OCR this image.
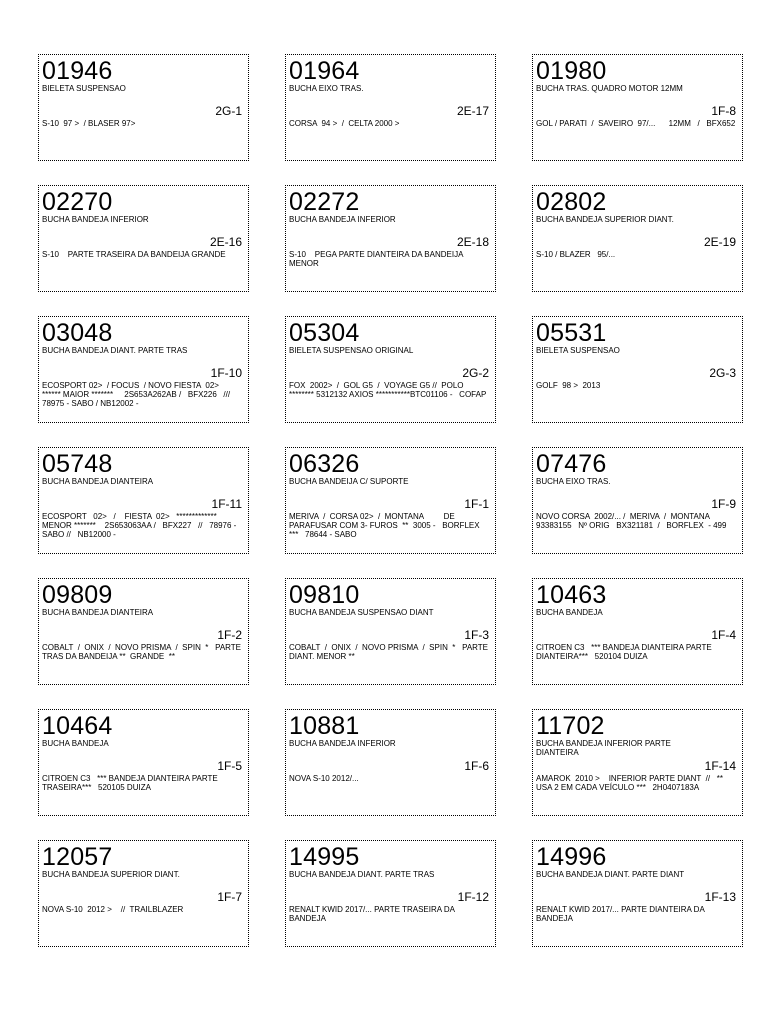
01946
BIELETA SUSPENSAO
2G-1
S-10  97 >  / BLASER 97>
01964
BUCHA EIXO TRAS.
2E-17
CORSA  94 >  /  CELTA 2000 >
01980
BUCHA TRAS. QUADRO MOTOR 12MM
1F-8
GOL / PARATI  /  SAVEIRO  97/...      12MM   /   BFX652
02270
BUCHA BANDEJA INFERIOR
2E-16
S-10    PARTE TRASEIRA DA BANDEIJA GRANDE
02272
BUCHA BANDEJA INFERIOR
2E-18
S-10    PEGA PARTE DIANTEIRA DA BANDEIJA MENOR
02802
BUCHA BANDEJA SUPERIOR DIANT.
2E-19
S-10 / BLAZER   95/...
03048
BUCHA BANDEJA DIANT. PARTE TRAS
1F-10
ECOSPORT 02>  / FOCUS  / NOVO FIESTA  02>   ****** MAIOR *******     2S653A262AB /   BFX226   ///   78975 - SABO / NB12002 -
05304
BIELETA SUSPENSAO ORIGINAL
2G-2
FOX  2002>  /  GOL G5  /  VOYAGE G5 //  POLO   ******** 5312132 AXIOS ***********BTC01106 -   COFAP
05531
BIELETA SUSPENSAO
2G-3
GOLF  98 >  2013
05748
BUCHA BANDEJA DIANTEIRA
1F-11
ECOSPORT   02>   /    FIESTA  02>   ************* MENOR *******    2S653063AA /   BFX227   //   78976 - SABO //   NB12000 -
06326
BUCHA BANDEIJA C/ SUPORTE
1F-1
MERIVA  /  CORSA 02>  /  MONTANA         DE   PARAFUSAR COM 3- FUROS  **  3005 -   BORFLEX  ***   78644 - SABO
07476
BUCHA EIXO TRAS.
1F-9
NOVO CORSA  2002/... /  MERIVA  /  MONTANA   93383155   Nº ORIG   BX321181  /   BORFLEX  - 499
09809
BUCHA BANDEJA DIANTEIRA
1F-2
COBALT  /  ONIX  /  NOVO PRISMA  /  SPIN  *   PARTE TRAS DA BANDEIJA **  GRANDE  **
09810
BUCHA BANDEJA SUSPENSAO DIANT
1F-3
COBALT  /  ONIX  /  NOVO PRISMA  /  SPIN  *   PARTE DIANT. MENOR **
10463
BUCHA BANDEJA
1F-4
CITROEN C3   *** BANDEJA DIANTEIRA PARTE   DIANTEIRA***   520104 DUIZA
10464
BUCHA BANDEJA
1F-5
CITROEN C3   *** BANDEJA DIANTEIRA PARTE   TRASEIRA***   520105 DUIZA
10881
BUCHA BANDEJA INFERIOR
1F-6
NOVA S-10 2012/...
11702
BUCHA BANDEJA INFERIOR PARTE DIANTEIRA
1F-14
AMAROK  2010 >    INFERIOR PARTE DIANT  //   ** USA 2 EM CADA VEÍCULO ***   2H0407183A
12057
BUCHA BANDEJA SUPERIOR DIANT.
1F-7
NOVA S-10  2012 >    //  TRAILBLAZER
14995
BUCHA BANDEJA DIANT. PARTE TRAS
1F-12
RENALT KWID 2017/... PARTE TRASEIRA DA BANDEJA
14996
BUCHA BANDEJA DIANT. PARTE DIANT
1F-13
RENALT KWID 2017/... PARTE DIANTEIRA DA BANDEJA
